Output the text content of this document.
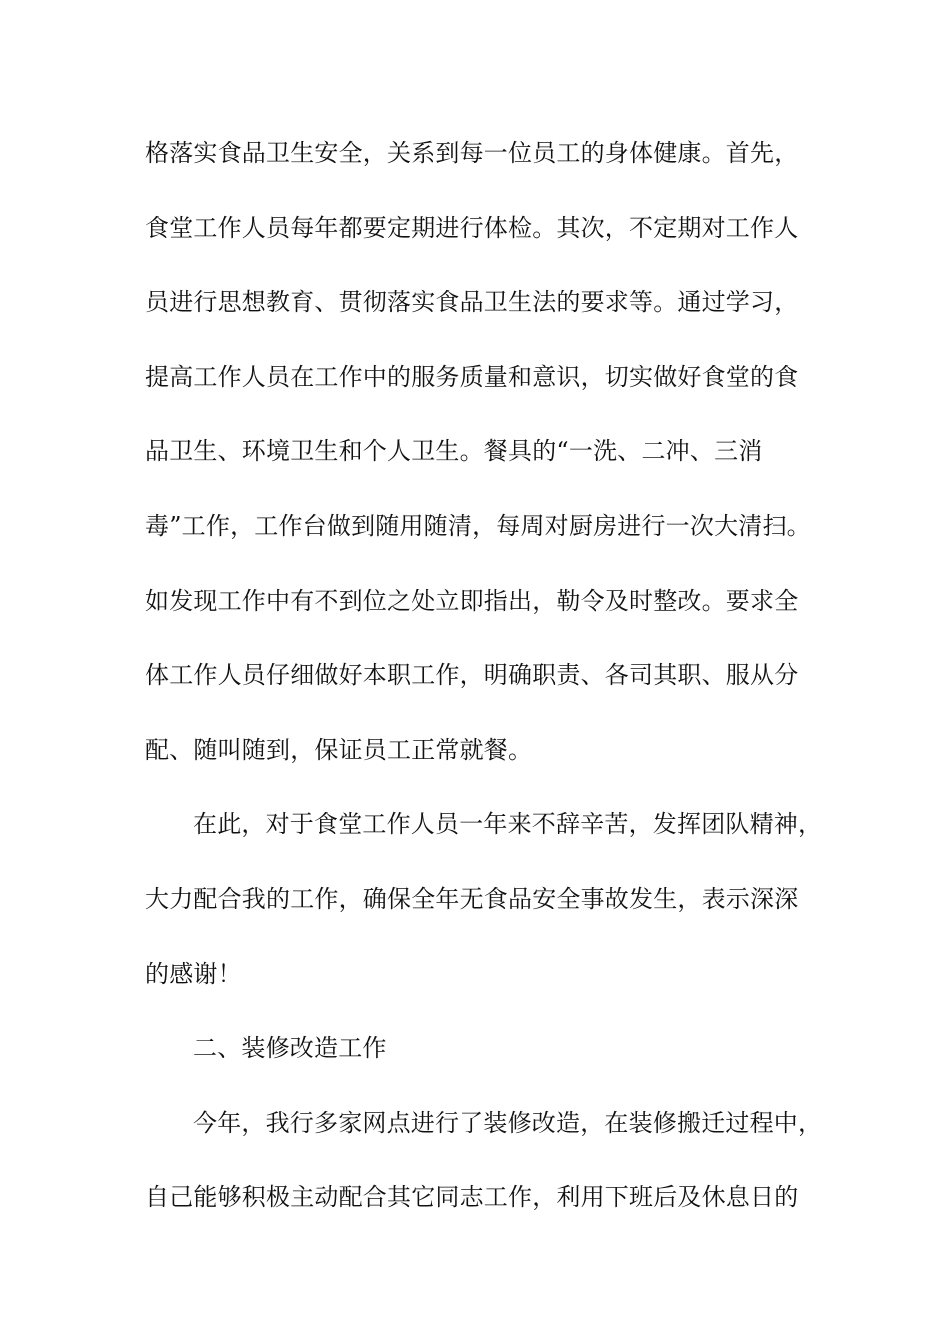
格落实食品卫生安全，关系到每一位员工的身体健康。首先，
食堂工作人员每年都要定期进行体检。其次，不定期对工作人
员进行思想教育、贯彻落实食品卫生法的要求等。通过学习，
提高工作人员在工作中的服务质量和意识，切实做好食堂的食
品卫生、环境卫生和个人卫生。餐具的“一洗、二冲、三消
毒”工作，工作台做到随用随清，每周对厨房进行一次大清扫。
如发现工作中有不到位之处立即指出，勒令及时整改。要求全
体工作人员仔细做好本职工作，明确职责、各司其职、服从分
配、随叫随到，保证员工正常就餐。
在此，对于食堂工作人员一年来不辞辛苦，发挥团队精神，
大力配合我的工作，确保全年无食品安全事故发生，表示深深
的感谢！
二、装修改造工作
今年，我行多家网点进行了装修改造，在装修搬迁过程中，
自己能够积极主动配合其它同志工作，利用下班后及休息日的
